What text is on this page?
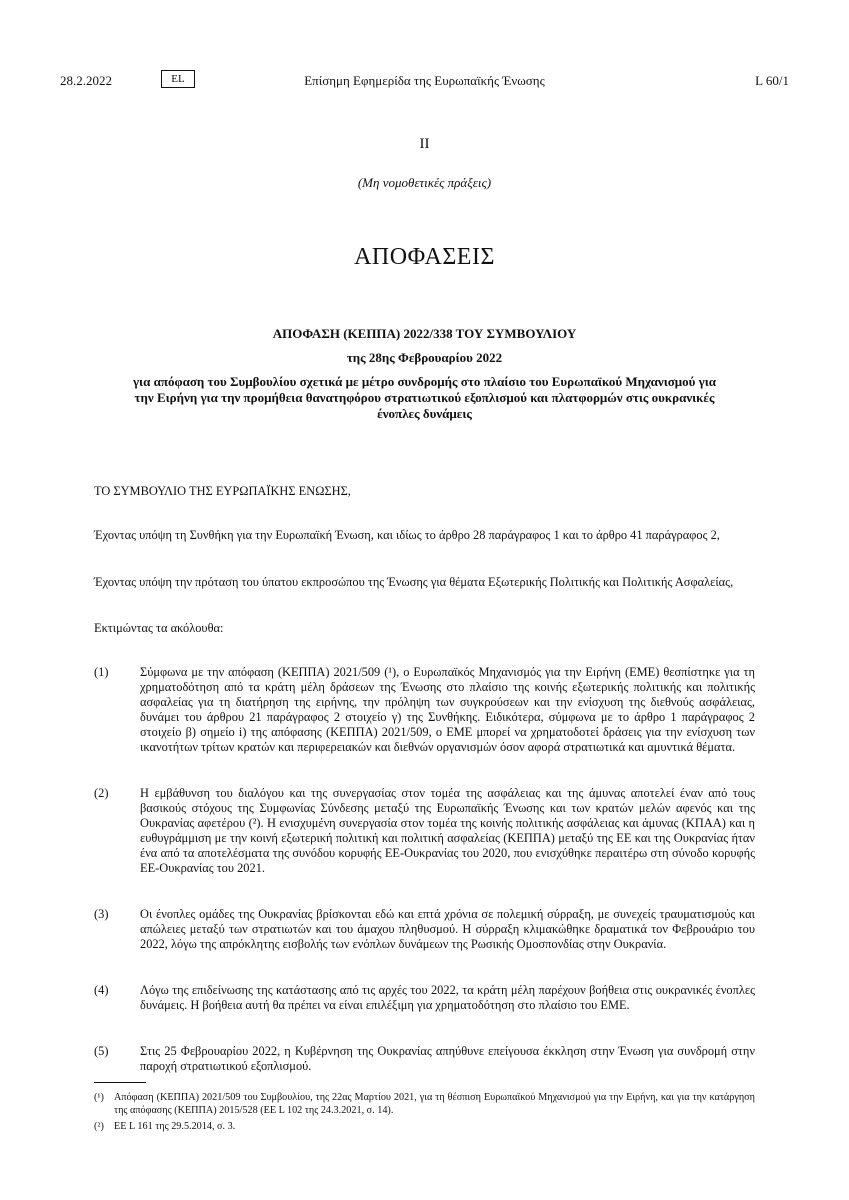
28.2.2022	EL	Επίσημη Εφημερίδα της Ευρωπαϊκής Ένωσης	L 60/1
II
(Μη νομοθετικές πράξεις)
ΑΠΟΦΑΣΕΙΣ
ΑΠΟΦΑΣΗ (ΚΕΠΠΑ) 2022/338 ΤΟΥ ΣΥΜΒΟΥΛΙΟΥ
της 28ης Φεβρουαρίου 2022
για απόφαση του Συμβουλίου σχετικά με μέτρο συνδρομής στο πλαίσιο του Ευρωπαϊκού Μηχανισμού για την Ειρήνη για την προμήθεια θανατηφόρου στρατιωτικού εξοπλισμού και πλατφορμών στις ουκρανικές ένοπλες δυνάμεις
ΤΟ ΣΥΜΒΟΥΛΙΟ ΤΗΣ ΕΥΡΩΠΑΪΚΗΣ ΕΝΩΣΗΣ,
Έχοντας υπόψη τη Συνθήκη για την Ευρωπαϊκή Ένωση, και ιδίως το άρθρο 28 παράγραφος 1 και το άρθρο 41 παράγραφος 2,
Έχοντας υπόψη την πρόταση του ύπατου εκπροσώπου της Ένωσης για θέματα Εξωτερικής Πολιτικής και Πολιτικής Ασφαλείας,
Εκτιμώντας τα ακόλουθα:
(1)	Σύμφωνα με την απόφαση (ΚΕΠΠΑ) 2021/509 (¹), ο Ευρωπαϊκός Μηχανισμός για την Ειρήνη (ΕΜΕ) θεσπίστηκε για τη χρηματοδότηση από τα κράτη μέλη δράσεων της Ένωσης στο πλαίσιο της κοινής εξωτερικής πολιτικής και πολιτικής ασφαλείας για τη διατήρηση της ειρήνης, την πρόληψη των συγκρούσεων και την ενίσχυση της διεθνούς ασφάλειας, δυνάμει του άρθρου 21 παράγραφος 2 στοιχείο γ) της Συνθήκης. Ειδικότερα, σύμφωνα με το άρθρο 1 παράγραφος 2 στοιχείο β) σημείο i) της απόφασης (ΚΕΠΠΑ) 2021/509, ο ΕΜΕ μπορεί να χρηματοδοτεί δράσεις για την ενίσχυση των ικανοτήτων τρίτων κρατών και περιφερειακών και διεθνών οργανισμών όσον αφορά στρατιωτικά και αμυντικά θέματα.
(2)	Η εμβάθυνση του διαλόγου και της συνεργασίας στον τομέα της ασφάλειας και της άμυνας αποτελεί έναν από τους βασικούς στόχους της Συμφωνίας Σύνδεσης μεταξύ της Ευρωπαϊκής Ένωσης και των κρατών μελών αφενός και της Ουκρανίας αφετέρου (²). Η ενισχυμένη συνεργασία στον τομέα της κοινής πολιτικής ασφάλειας και άμυνας (ΚΠΑΑ) και η ευθυγράμμιση με την κοινή εξωτερική πολιτική και πολιτική ασφαλείας (ΚΕΠΠΑ) μεταξύ της ΕΕ και της Ουκρανίας ήταν ένα από τα αποτελέσματα της συνόδου κορυφής ΕΕ-Ουκρανίας του 2020, που ενισχύθηκε περαιτέρω στη σύνοδο κορυφής ΕΕ-Ουκρανίας του 2021.
(3)	Οι ένοπλες ομάδες της Ουκρανίας βρίσκονται εδώ και επτά χρόνια σε πολεμική σύρραξη, με συνεχείς τραυματισμούς και απώλειες μεταξύ των στρατιωτών και του άμαχου πληθυσμού. Η σύρραξη κλιμακώθηκε δραματικά τον Φεβρουάριο του 2022, λόγω της απρόκλητης εισβολής των ενόπλων δυνάμεων της Ρωσικής Ομοσπονδίας στην Ουκρανία.
(4)	Λόγω της επιδείνωσης της κατάστασης από τις αρχές του 2022, τα κράτη μέλη παρέχουν βοήθεια στις ουκρανικές ένοπλες δυνάμεις. Η βοήθεια αυτή θα πρέπει να είναι επιλέξιμη για χρηματοδότηση στο πλαίσιο του ΕΜΕ.
(5)	Στις 25 Φεβρουαρίου 2022, η Κυβέρνηση της Ουκρανίας απηύθυνε επείγουσα έκκληση στην Ένωση για συνδρομή στην παροχή στρατιωτικού εξοπλισμού.
(¹) Απόφαση (ΚΕΠΠΑ) 2021/509 του Συμβουλίου, της 22ας Μαρτίου 2021, για τη θέσπιση Ευρωπαϊκού Μηχανισμού για την Ειρήνη, και για την κατάργηση της απόφασης (ΚΕΠΠΑ) 2015/528 (ΕΕ L 102 της 24.3.2021, σ. 14).
(²) ΕΕ L 161 της 29.5.2014, σ. 3.
